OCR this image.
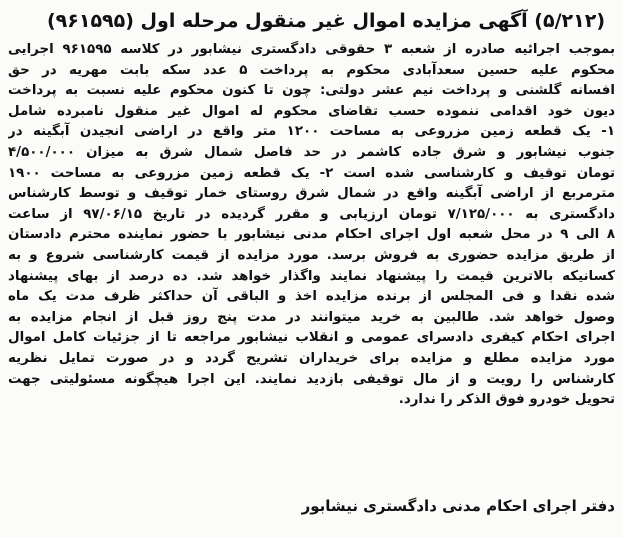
(۵/۲۱۲) آگهی مزایده اموال غیر منقول مرحله اول (۹۶۱۵۹۵)
بموجب اجرائیه صادره از شعبه ۳ حقوقی دادگستری نیشابور در کلاسه ۹۶۱۵۹۵ اجرایی
محکوم علیه حسین سعدآبادی محکوم به پرداخت ۵ عدد سکه بابت مهریه در حق
افسانه گلشنی و پرداخت نیم عشر دولتی: چون تا کنون محکوم علیه نسبت به پرداخت
دیون خود اقدامی ننموده حسب تقاضای محکوم له اموال غیر منقول نامبرده شامل
۱- یک قطعه زمین مزروعی به مساحت ۱۲۰۰ متر واقع در اراضی انجیدن آبگینه در
جنوب نیشابور و شرق جاده کاشمر در حد فاصل شمال شرق به میزان ۴/۵۰۰/۰۰۰
تومان توقیف و کارشناسی شده است ۲- یک قطعه زمین مزروعی به مساحت ۱۹۰۰
مترمربع از اراضی آبگینه واقع در شمال شرق روستای خمار توقیف و توسط کارشناس
دادگستری به ۷/۱۲۵/۰۰۰ تومان ارزیابی و مقرر گردیده در تاریخ ۹۷/۰۶/۱۵ از ساعت
۸ الی ۹ در محل شعبه اول اجرای احکام مدنی نیشابور با حضور نماینده محترم دادستان
از طریق مزایده حضوری به فروش برسد. مورد مزایده از قیمت کارشناسی شروع و به
کسانیکه بالاترین قیمت را پیشنهاد نمایند واگذار خواهد شد. ده درصد از بهای پیشنهاد
شده نقدا و فی المجلس از برنده مزایده اخذ و الباقی آن حداکثر ظرف مدت یک ماه
وصول خواهد شد. طالبین به خرید میتوانند در مدت پنج روز قبل از انجام مزایده به
اجرای احکام کیفری دادسرای عمومی و انقلاب نیشابور مراجعه تا از جزئیات کامل اموال
مورد مزایده مطلع و مزایده برای خریداران تشریح گردد و در صورت تمایل نظریه
کارشناس را رویت و از مال توقیفی بازدید نمایند. این اجرا هیچگونه مسئولیتی جهت
تحویل خودرو فوق الذکر را ندارد.
دفتر اجرای احکام مدنی دادگستری نیشابور
